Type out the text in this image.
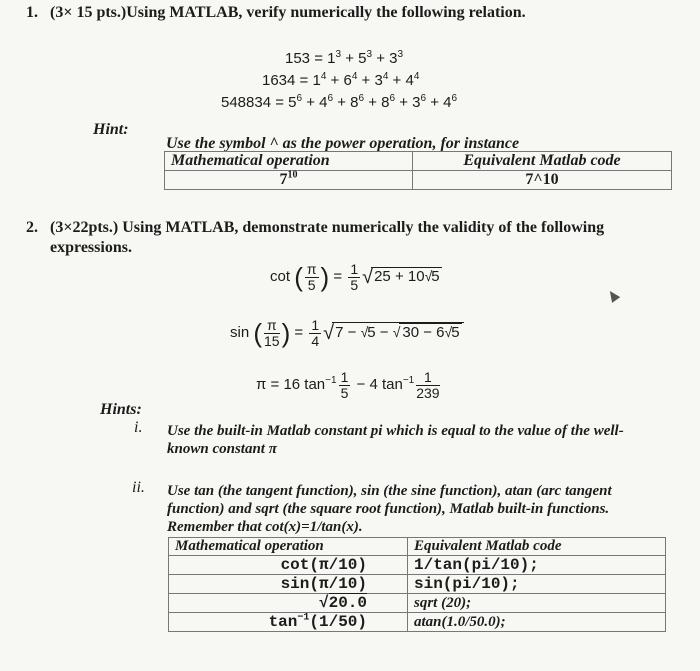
1. (3× 15 pts.)Using MATLAB, verify numerically the following relation.
$153 = 1^3 + 5^3 + 3^3$
$1634 = 1^4 + 6^4 + 3^4 + 4^4$
$548834 = 5^6 + 4^6 + 8^6 + 8^6 + 3^6 + 4^6$
Hint:
Use the symbol ^ as the power operation, for instance
Mathematical operation	Equivalent Matlab code
$7^{10}$	7^10
2. (3×22pts.) Using MATLAB, demonstrate numerically the validity of the following
expressions.
cot ( $\frac{\pi}{5}$ ) = $\frac{1}{5} √25 + 10√5$
sin ( $\frac{\pi}{15}$ ) = $\frac{1}{4} √7 - √5$ − √ 30 − 6√5
π = 16 $\tan^{-1} \frac{1}{5} - 4$ $\tan^{-1} \frac{1}{239}$
Hints:
i. Use the built-in Matlab constant pi which is equal to the value of the well-
known constant π
ii. Use tan (the tangent function), sin (the sine function), atan (arc tangent
function) and sqrt (the square root function), Matlab built-in functions.
Remember that cot(x)=1/tan(x).
Mathematical operation	Equivalent Matlab code
cot(π/10)	1/tan(pi/10);
sin(π/10)	sin(pi/10);
√20.0	sqrt (20);
$\tan^{-1}(1/50)$	atan(1.0/50.0);
